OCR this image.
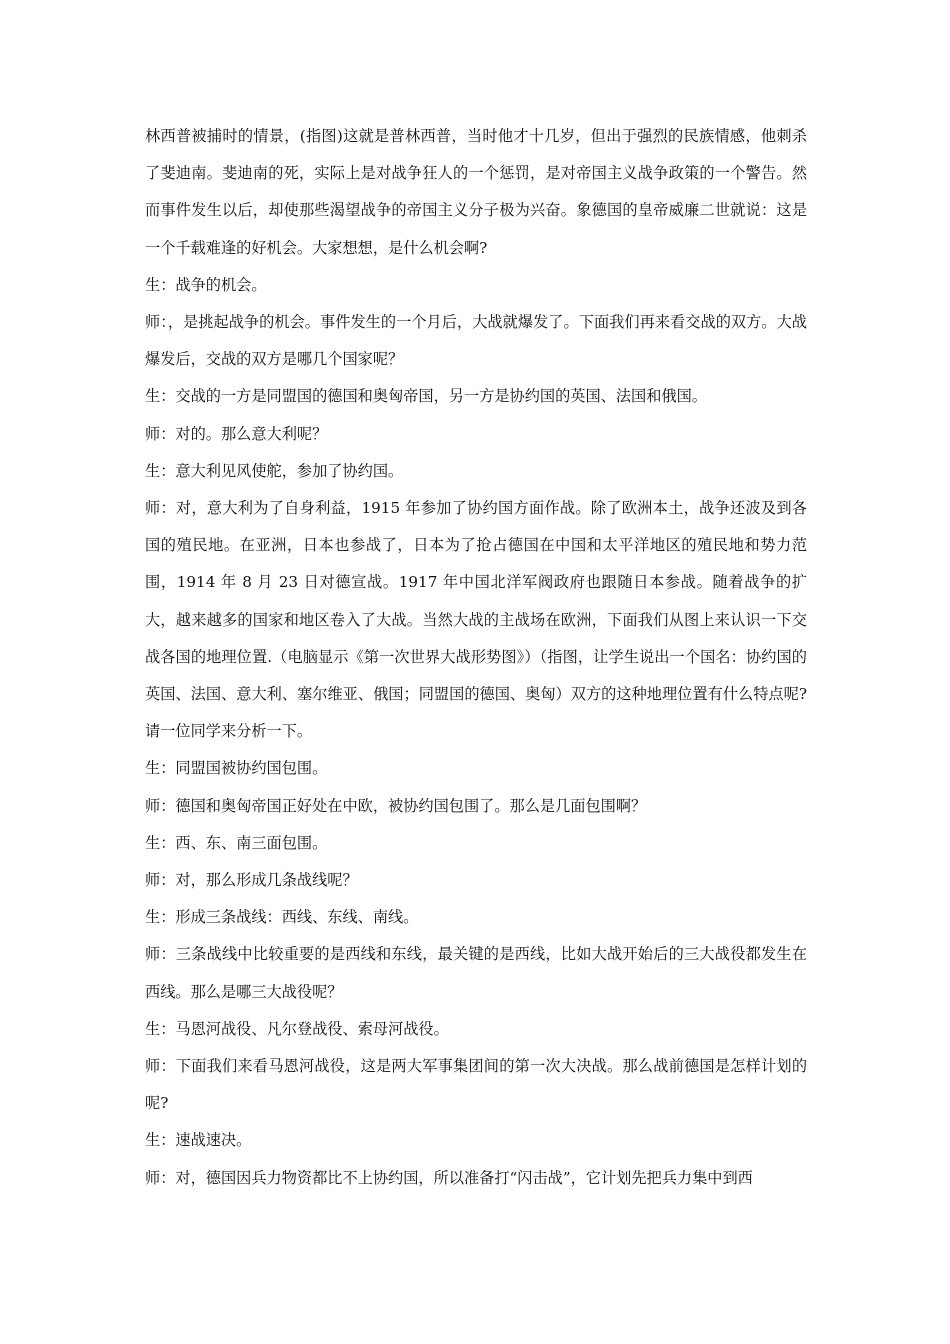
林西普被捕时的情景，(指图)这就是普林西普，当时他才十几岁，但出于强烈的民族情感，他刺杀了斐迪南。斐迪南的死，实际上是对战争狂人的一个惩罚，是对帝国主义战争政策的一个警告。然而事件发生以后，却使那些渴望战争的帝国主义分子极为兴奋。象德国的皇帝威廉二世就说：这是一个千载难逢的好机会。大家想想，是什么机会啊?

生：战争的机会。

师：，是挑起战争的机会。事件发生的一个月后，大战就爆发了。下面我们再来看交战的双方。大战爆发后，交战的双方是哪几个国家呢？

生：交战的一方是同盟国的德国和奥匈帝国，另一方是协约国的英国、法国和俄国。

师：对的。那么意大利呢？

生：意大利见风使舵，参加了协约国。

师：对，意大利为了自身利益，1915 年参加了协约国方面作战。除了欧洲本土，战争还波及到各国的殖民地。在亚洲，日本也参战了，日本为了抢占德国在中国和太平洋地区的殖民地和势力范围，1914 年 8 月 23 日对德宣战。1917 年中国北洋军阀政府也跟随日本参战。随着战争的扩大，越来越多的国家和地区卷入了大战。当然大战的主战场在欧洲，下面我们从图上来认识一下交战各国的地理位置.（电脑显示《第一次世界大战形势图》）（指图，让学生说出一个国名：协约国的英国、法国、意大利、塞尔维亚、俄国；同盟国的德国、奥匈）双方的这种地理位置有什么特点呢?请一位同学来分析一下。

生：同盟国被协约国包围。

师：德国和奥匈帝国正好处在中欧，被协约国包围了。那么是几面包围啊？

生：西、东、南三面包围。

师：对，那么形成几条战线呢？

生：形成三条战线：西线、东线、南线。

师：三条战线中比较重要的是西线和东线，最关键的是西线，比如大战开始后的三大战役都发生在西线。那么是哪三大战役呢？

生：马恩河战役、凡尔登战役、索母河战役。

师：下面我们来看马恩河战役，这是两大军事集团间的第一次大决战。那么战前德国是怎样计划的呢?

生：速战速决。

师：对，德国因兵力物资都比不上协约国，所以准备打“闪击战”，它计划先把兵力集中到西
